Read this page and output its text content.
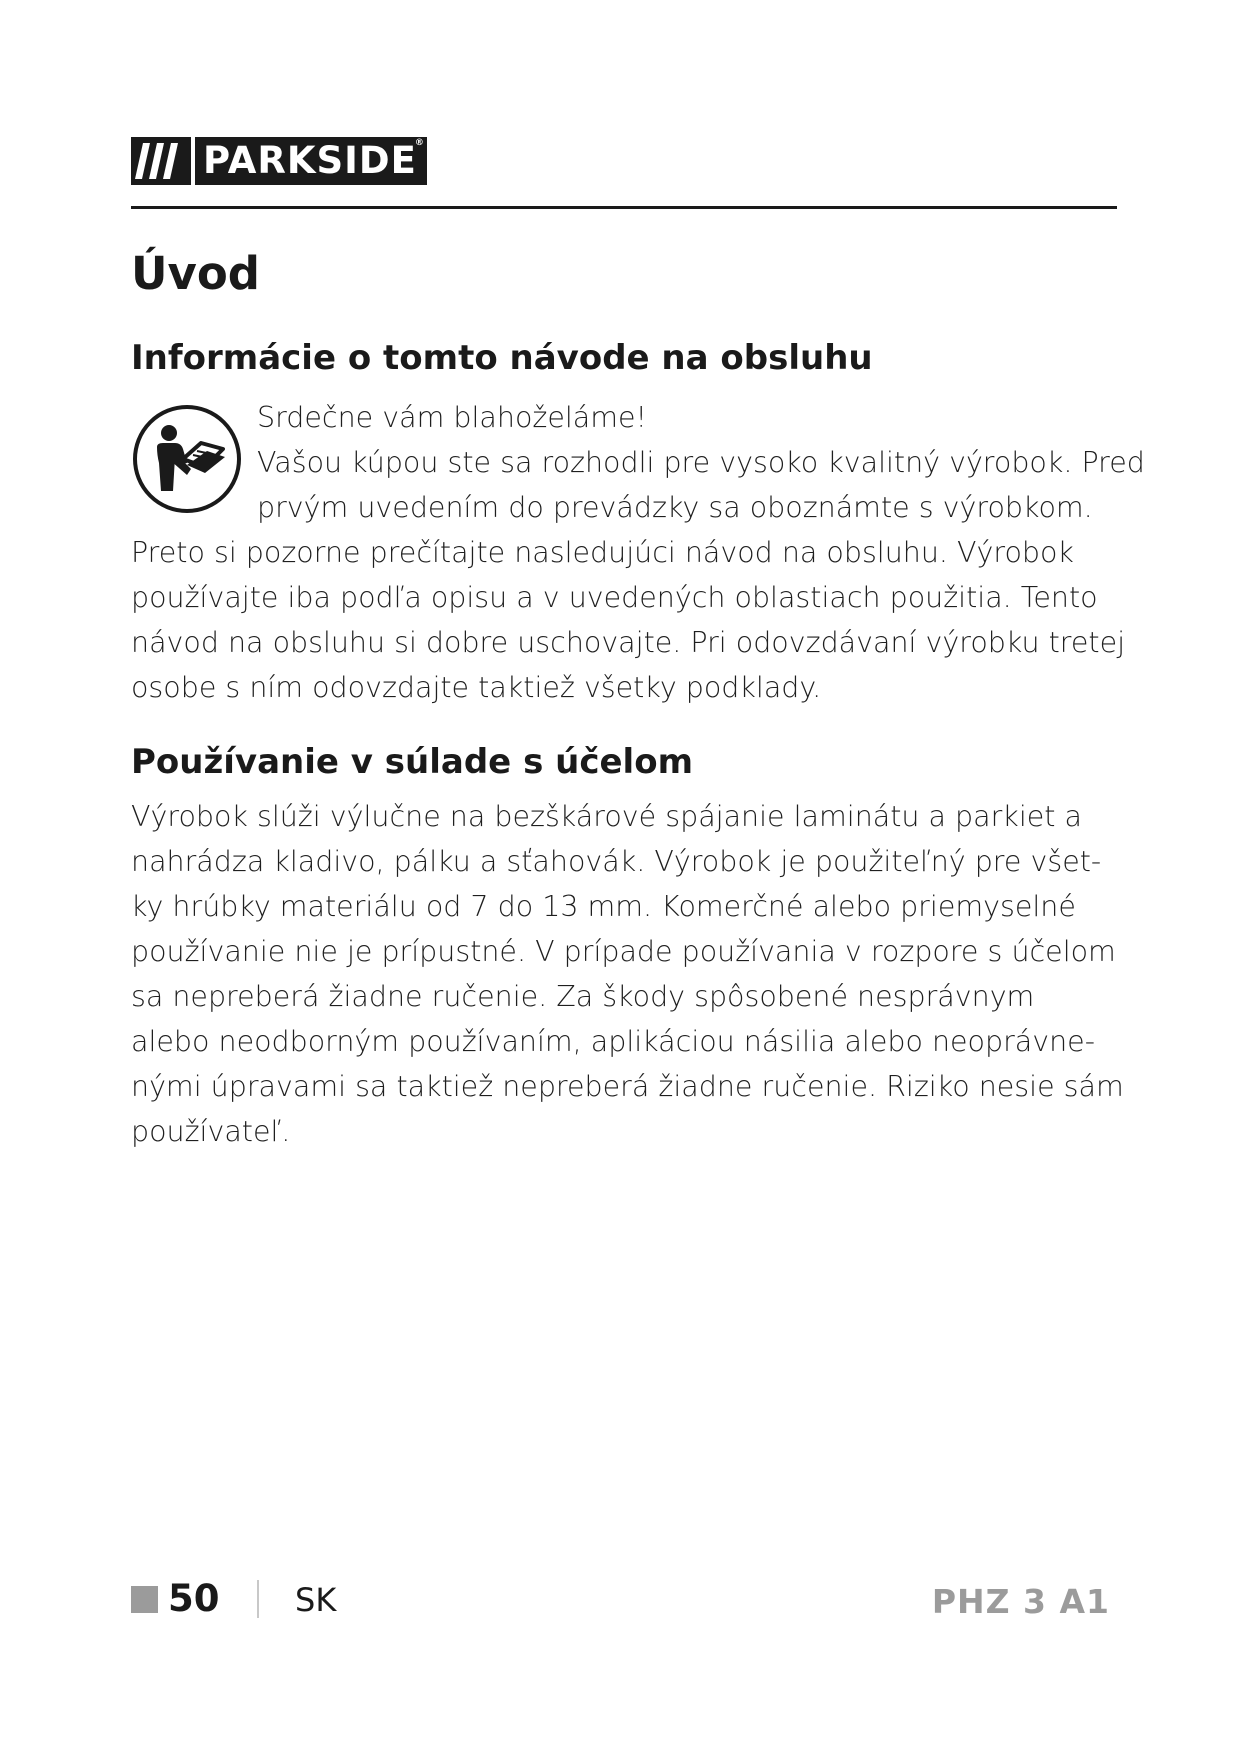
PARKSIDE
®
Úvod
Informácie o tomto návode na obsluhu
Srdečne vám blahoželáme!
Vašou kúpou ste sa rozhodli pre vysoko kvalitný výrobok. Pred
prvým uvedením do prevádzky sa oboznámte s výrobkom.
Preto si pozorne prečítajte nasledujúci návod na obsluhu. Výrobok
používajte iba podľa opisu a v uvedených oblastiach použitia. Tento
návod na obsluhu si dobre uschovajte. Pri odovzdávaní výrobku tretej
osobe s ním odovzdajte taktiež všetky podklady.
Používanie v súlade s účelom
Výrobok slúži výlučne na bezškárové spájanie laminátu a parkiet a
nahrádza kladivo, pálku a sťahovák. Výrobok je použiteľný pre všet-
ky hrúbky materiálu od 7 do 13 mm. Komerčné alebo priemyselné
používanie nie je prípustné. V prípade používania v rozpore s účelom
sa nepreberá žiadne ručenie. Za škody spôsobené nesprávnym
alebo neodborným používaním, aplikáciou násilia alebo neoprávne-
nými úpravami sa taktiež nepreberá žiadne ručenie. Riziko nesie sám
používateľ.
50 SK	PHZ 3 A1
